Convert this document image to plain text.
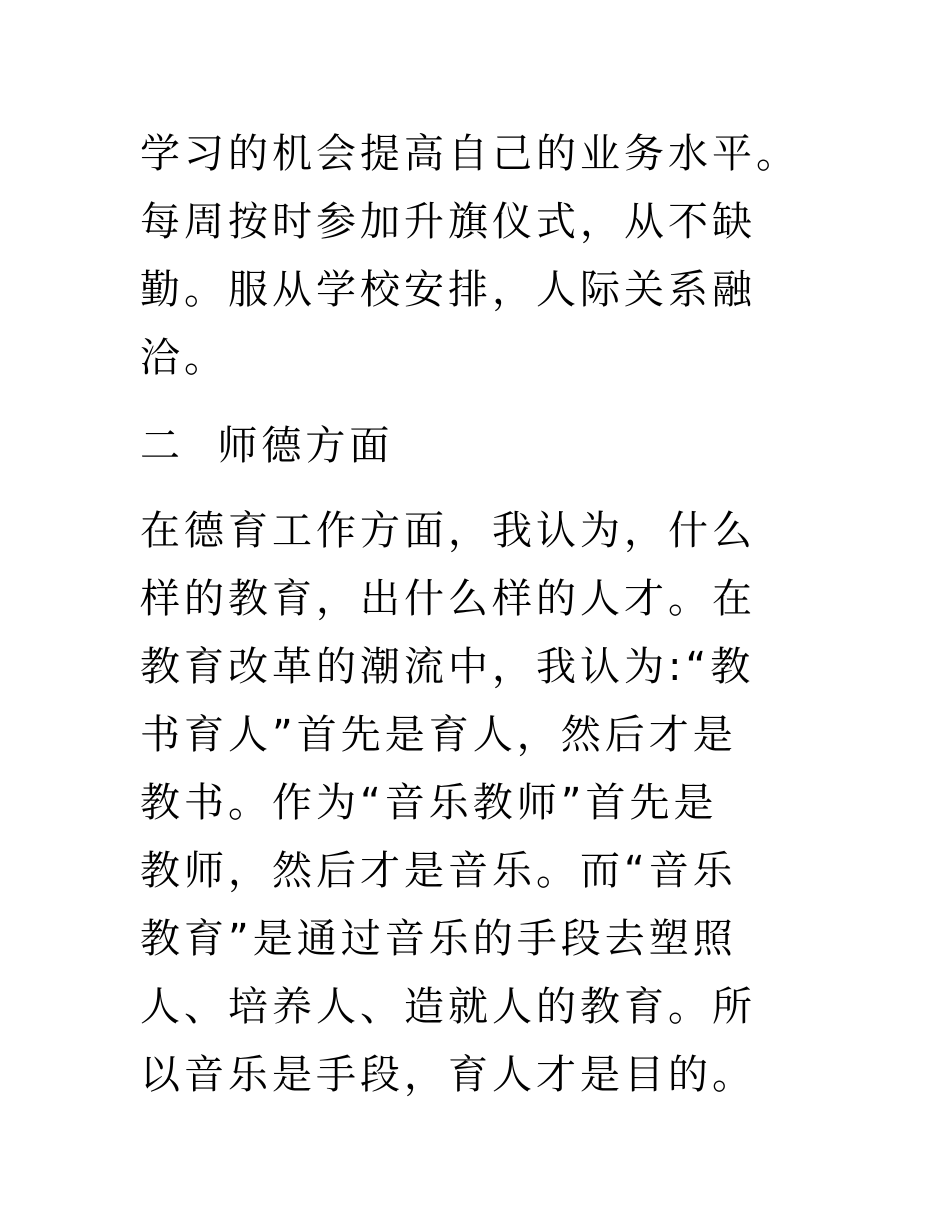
学习的机会提高自己的业务水平。
每周按时参加升旗仪式，从不缺
勤。服从学校安排，人际关系融
洽。
二  师德方面
在德育工作方面，我认为，什么
样的教育，出什么样的人才。在
教育改革的潮流中，我认为:“教
书育人”首先是育人，然后才是
教书。作为“音乐教师”首先是
教师，然后才是音乐。而“音乐
教育”是通过音乐的手段去塑照
人、培养人、造就人的教育。所
以音乐是手段，育人才是目的。
